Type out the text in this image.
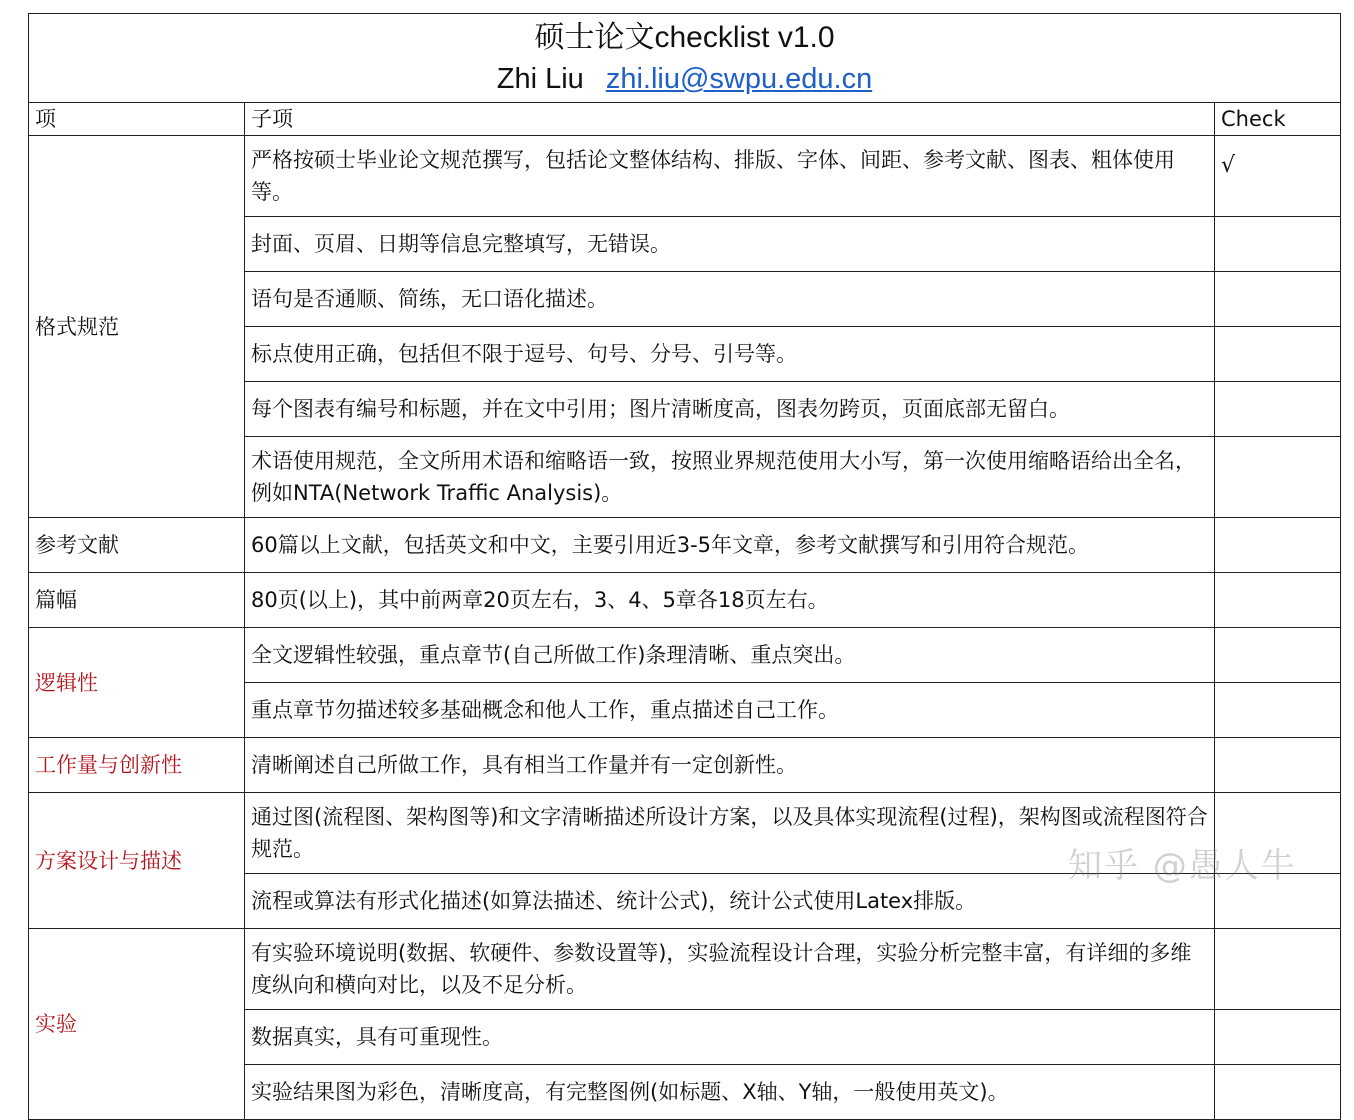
硕士论文checklist v1.0
Zhi Liu zhi.liu@swpu.edu.cn		

项	子项	Check
格式规范	严格按硕士毕业论文规范撰写，包括论文整体结构、排版、字体、间距、参考文献、图表、粗体使用等。	√
	封面、页眉、日期等信息完整填写，无错误。	
	语句是否通顺、简练，无口语化描述。	
	标点使用正确，包括但不限于逗号、句号、分号、引号等。	
	每个图表有编号和标题，并在文中引用；图片清晰度高，图表勿跨页，页面底部无留白。	
	术语使用规范，全文所用术语和缩略语一致，按照业界规范使用大小写，第一次使用缩略语给出全名，例如NTA(Network Traffic Analysis)。	
参考文献	60篇以上文献，包括英文和中文，主要引用近3-5年文章，参考文献撰写和引用符合规范。	
篇幅	80页(以上)，其中前两章20页左右，3、4、5章各18页左右。	
逻辑性	全文逻辑性较强，重点章节(自己所做工作)条理清晰、重点突出。	
	重点章节勿描述较多基础概念和他人工作，重点描述自己工作。	
工作量与创新性	清晰阐述自己所做工作，具有相当工作量并有一定创新性。	
方案设计与描述	通过图(流程图、架构图等)和文字清晰描述所设计方案，以及具体实现流程(过程)，架构图或流程图符合规范。	
	流程或算法有形式化描述(如算法描述、统计公式)，统计公式使用Latex排版。	
实验	有实验环境说明(数据、软硬件、参数设置等)，实验流程设计合理，实验分析完整丰富，有详细的多维度纵向和横向对比，以及不足分析。	
	数据真实，具有可重现性。	
	实验结果图为彩色，清晰度高，有完整图例(如标题、X轴、Y轴，一般使用英文)。	
知乎 @愚人牛
